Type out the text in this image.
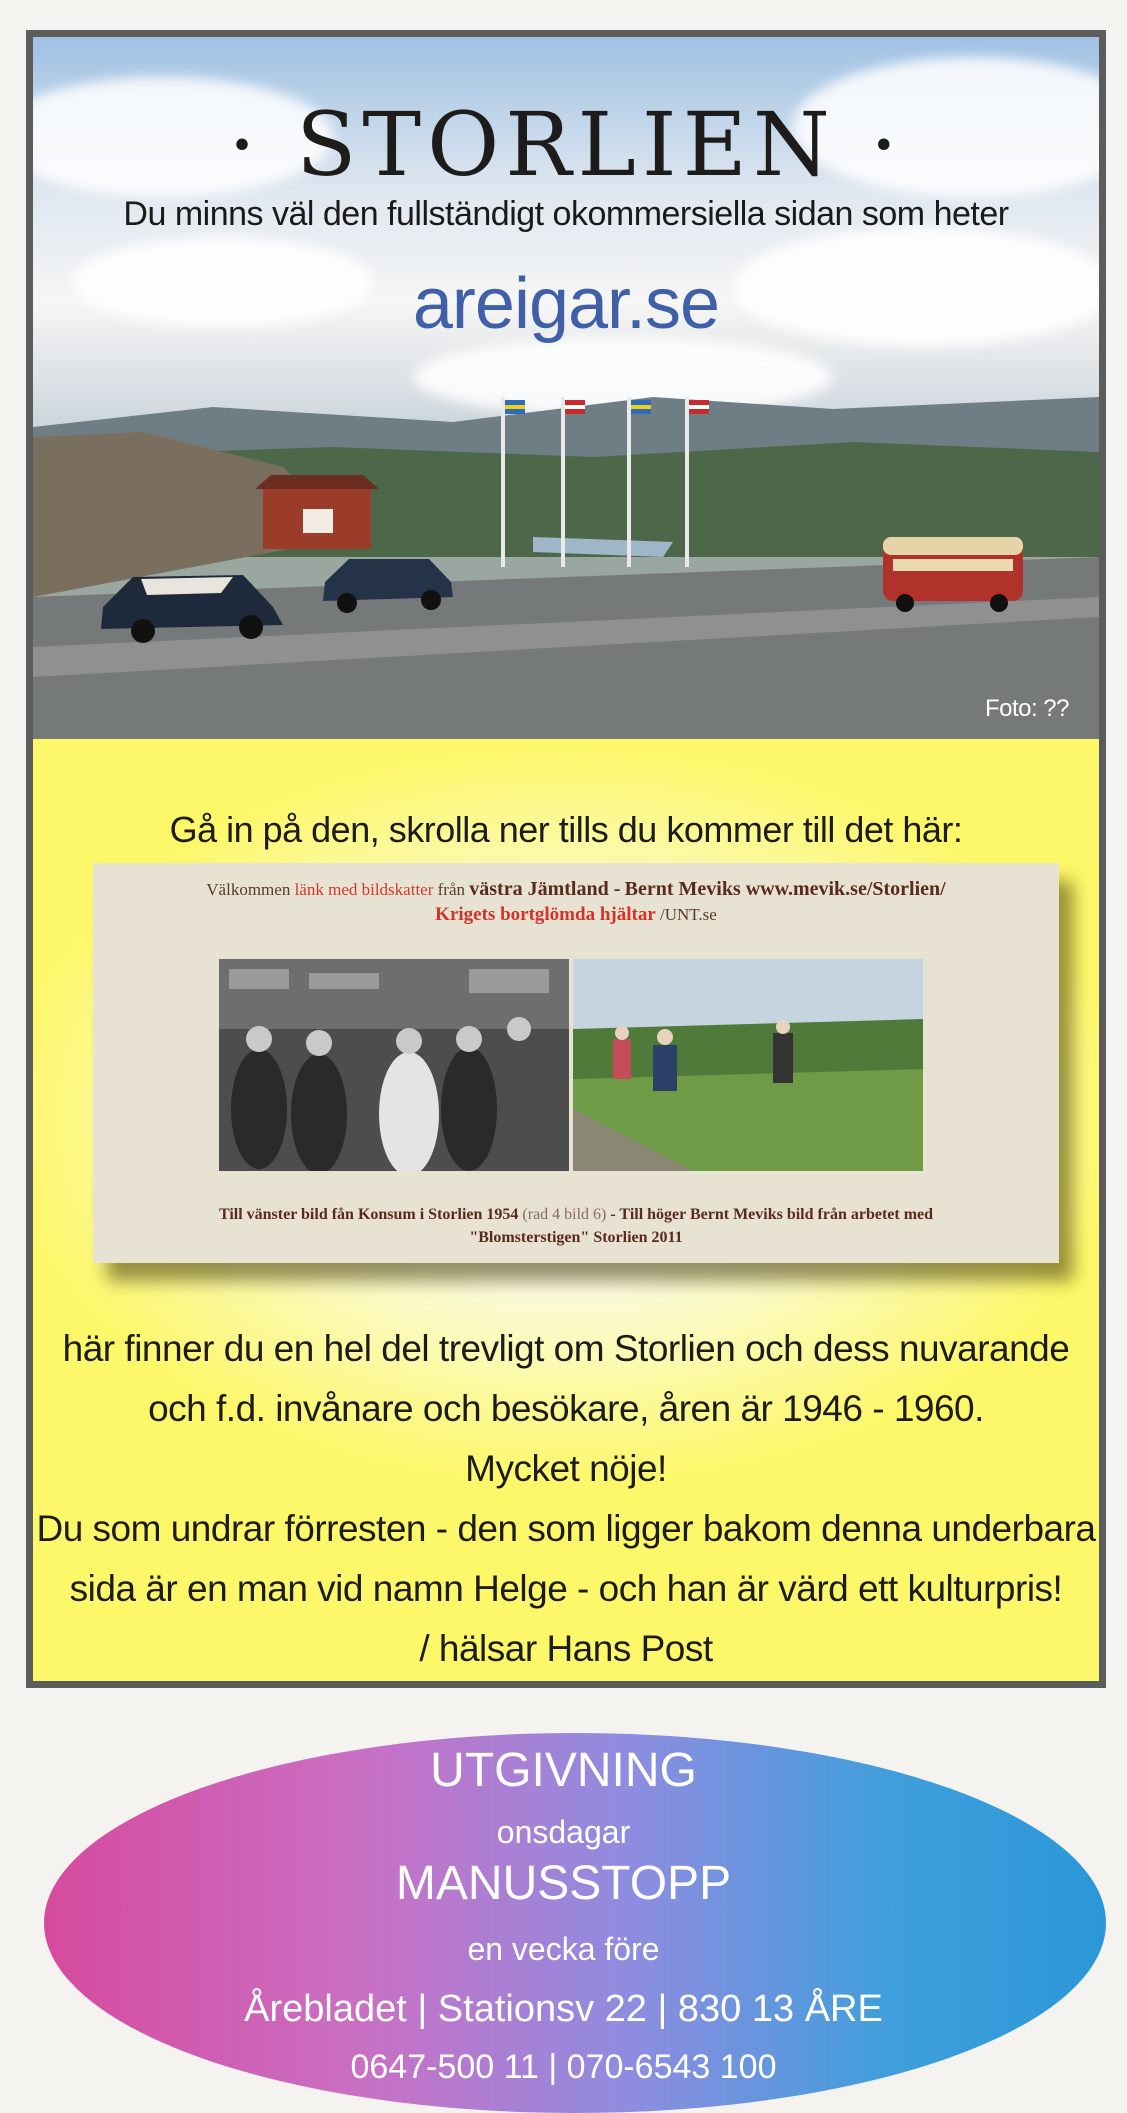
· STORLIEN ·
Du minns väl den fullständigt okommersiella sidan som heter
areigar.se
Foto: ??
Gå in på den, skrolla ner tills du kommer till det här:
Välkommen länk med bildskatter från västra Jämtland - Bernt Meviks www.mevik.se/Storlien/
Krigets bortglömda hjältar /UNT.se
Till vänster bild fån Konsum i Storlien 1954 (rad 4 bild 6) - Till höger Bernt Meviks bild från arbetet med
"Blomsterstigen" Storlien 2011
här finner du en hel del trevligt om Storlien och dess nuvarande
och f.d. invånare och besökare, åren är 1946 - 1960.
Mycket nöje!
Du som undrar förresten - den som ligger bakom denna underbara
sida är en man vid namn Helge - och han är värd ett kulturpris!
/ hälsar Hans Post
UTGIVNING
onsdagar
MANUSSTOPP
en vecka före
Årebladet | Stationsv 22 | 830 13 ÅRE
0647-500 11 | 070-6543 100
